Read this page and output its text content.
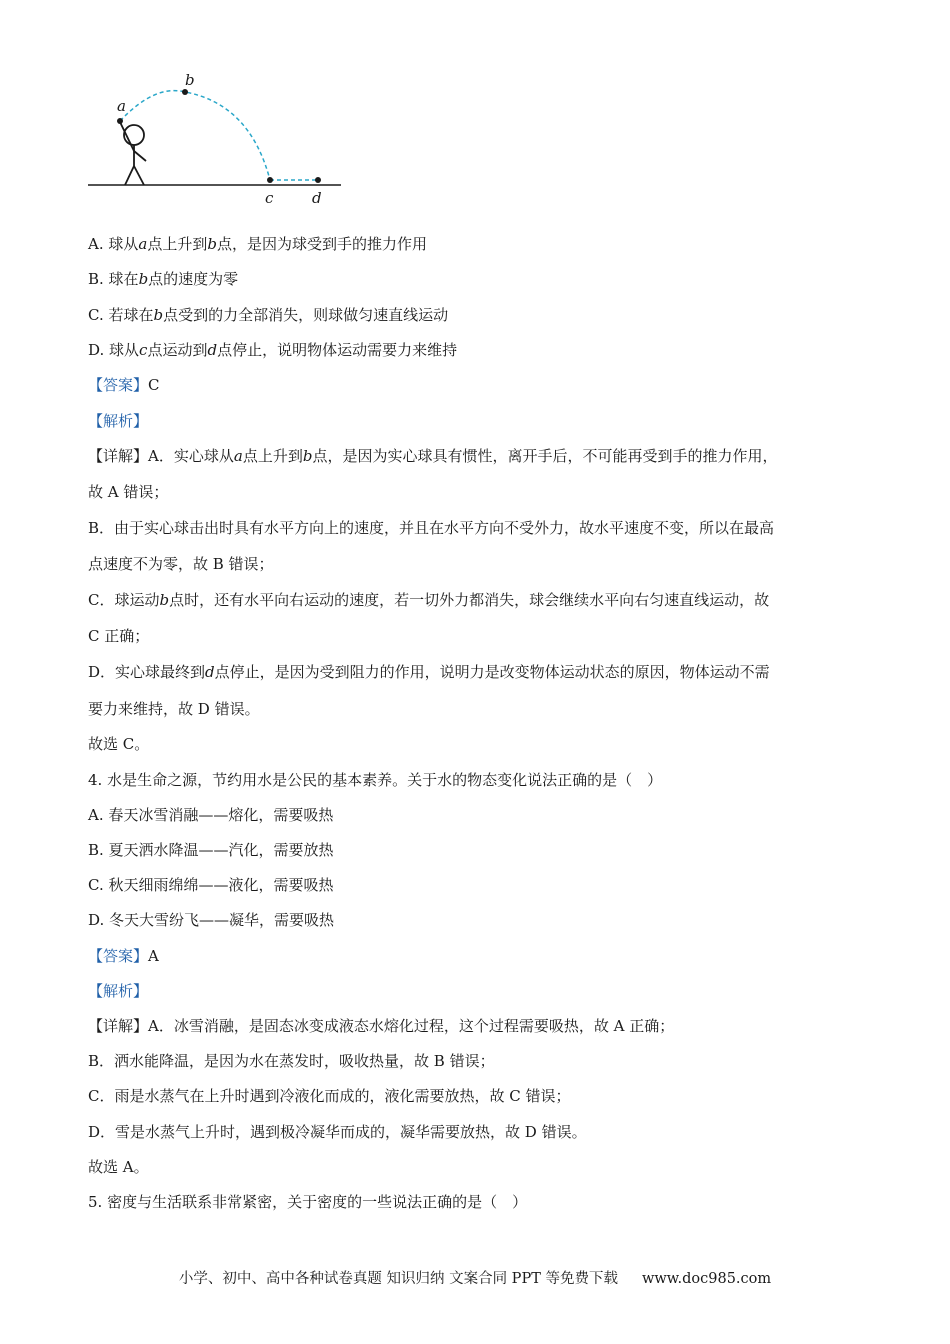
a
b
c	d
A. 球从a点上升到b点，是因为球受到手的推力作用
B. 球在b点的速度为零
C. 若球在b点受到的力全部消失，则球做匀速直线运动
D. 球从c点运动到d点停止，说明物体运动需要力来维持
【答案】C
【解析】
【详解】A．实心球从a点上升到b点，是因为实心球具有惯性，离开手后，不可能再受到手的推力作用，
故 A 错误；
B．由于实心球击出时具有水平方向上的速度，并且在水平方向不受外力，故水平速度不变，所以在最高
点速度不为零，故 B 错误；
C．球运动b点时，还有水平向右运动的速度，若一切外力都消失，球会继续水平向右匀速直线运动，故
C 正确；
D．实心球最终到d点停止，是因为受到阻力的作用，说明力是改变物体运动状态的原因，物体运动不需
要力来维持，故 D 错误。
故选 C。
4. 水是生命之源，节约用水是公民的基本素养。关于水的物态变化说法正确的是（　）
A. 春天冰雪消融——熔化，需要吸热
B. 夏天洒水降温——汽化，需要放热
C. 秋天细雨绵绵——液化，需要吸热
D. 冬天大雪纷飞——凝华，需要吸热
【答案】A
【解析】
【详解】A．冰雪消融，是固态冰变成液态水熔化过程，这个过程需要吸热，故 A 正确；
B．洒水能降温，是因为水在蒸发时，吸收热量，故 B 错误；
C．雨是水蒸气在上升时遇到冷液化而成的，液化需要放热，故 C 错误；
D．雪是水蒸气上升时，遇到极冷凝华而成的，凝华需要放热，故 D 错误。
故选 A。
5. 密度与生活联系非常紧密，关于密度的一些说法正确的是（　）
小学、初中、高中各种试卷真题 知识归纳 文案合同 PPT 等免费下载 www.doc985.com
